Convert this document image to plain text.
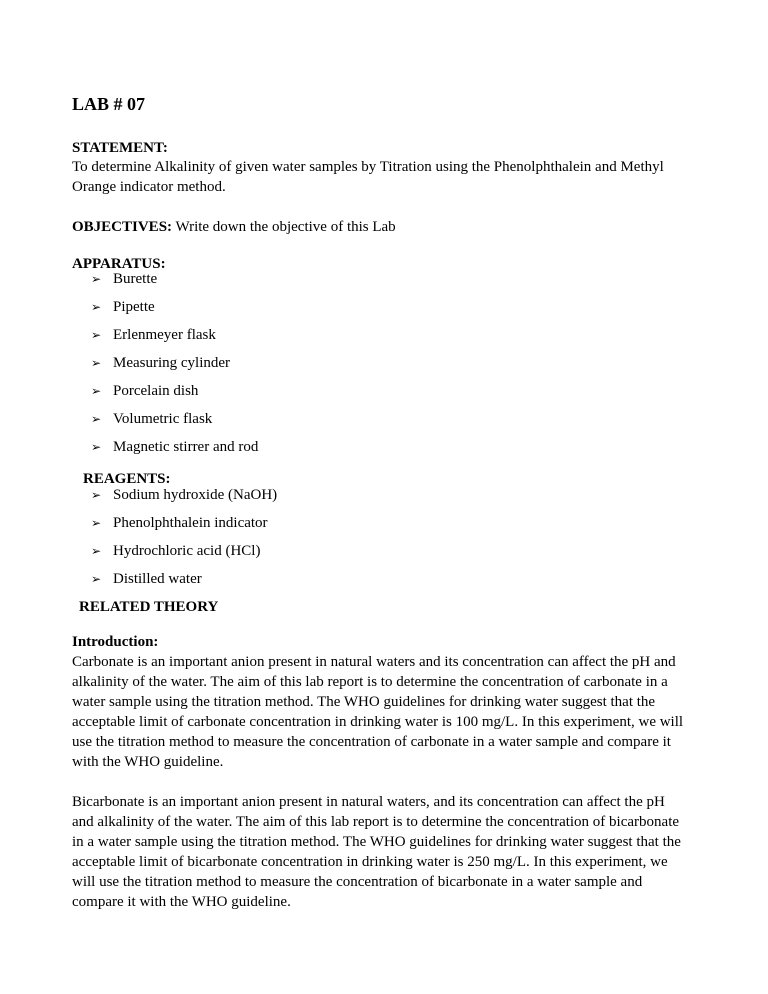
LAB # 07
STATEMENT:
To determine Alkalinity of given water samples by Titration using the Phenolphthalein and Methyl
Orange indicator method.
OBJECTIVES: Write down the objective of this Lab
APPARATUS:
➢ Burette
➢ Pipette
➢ Erlenmeyer flask
➢ Measuring cylinder
➢ Porcelain dish
➢ Volumetric flask
➢ Magnetic stirrer and rod
REAGENTS:
➢ Sodium hydroxide (NaOH)
➢ Phenolphthalein indicator
➢ Hydrochloric acid (HCl)
➢ Distilled water
RELATED THEORY
Introduction:
Carbonate is an important anion present in natural waters and its concentration can affect the pH and
alkalinity of the water. The aim of this lab report is to determine the concentration of carbonate in a
water sample using the titration method. The WHO guidelines for drinking water suggest that the
acceptable limit of carbonate concentration in drinking water is 100 mg/L. In this experiment, we will
use the titration method to measure the concentration of carbonate in a water sample and compare it
with the WHO guideline.
Bicarbonate is an important anion present in natural waters, and its concentration can affect the pH
and alkalinity of the water. The aim of this lab report is to determine the concentration of bicarbonate
in a water sample using the titration method. The WHO guidelines for drinking water suggest that the
acceptable limit of bicarbonate concentration in drinking water is 250 mg/L. In this experiment, we
will use the titration method to measure the concentration of bicarbonate in a water sample and
compare it with the WHO guideline.
